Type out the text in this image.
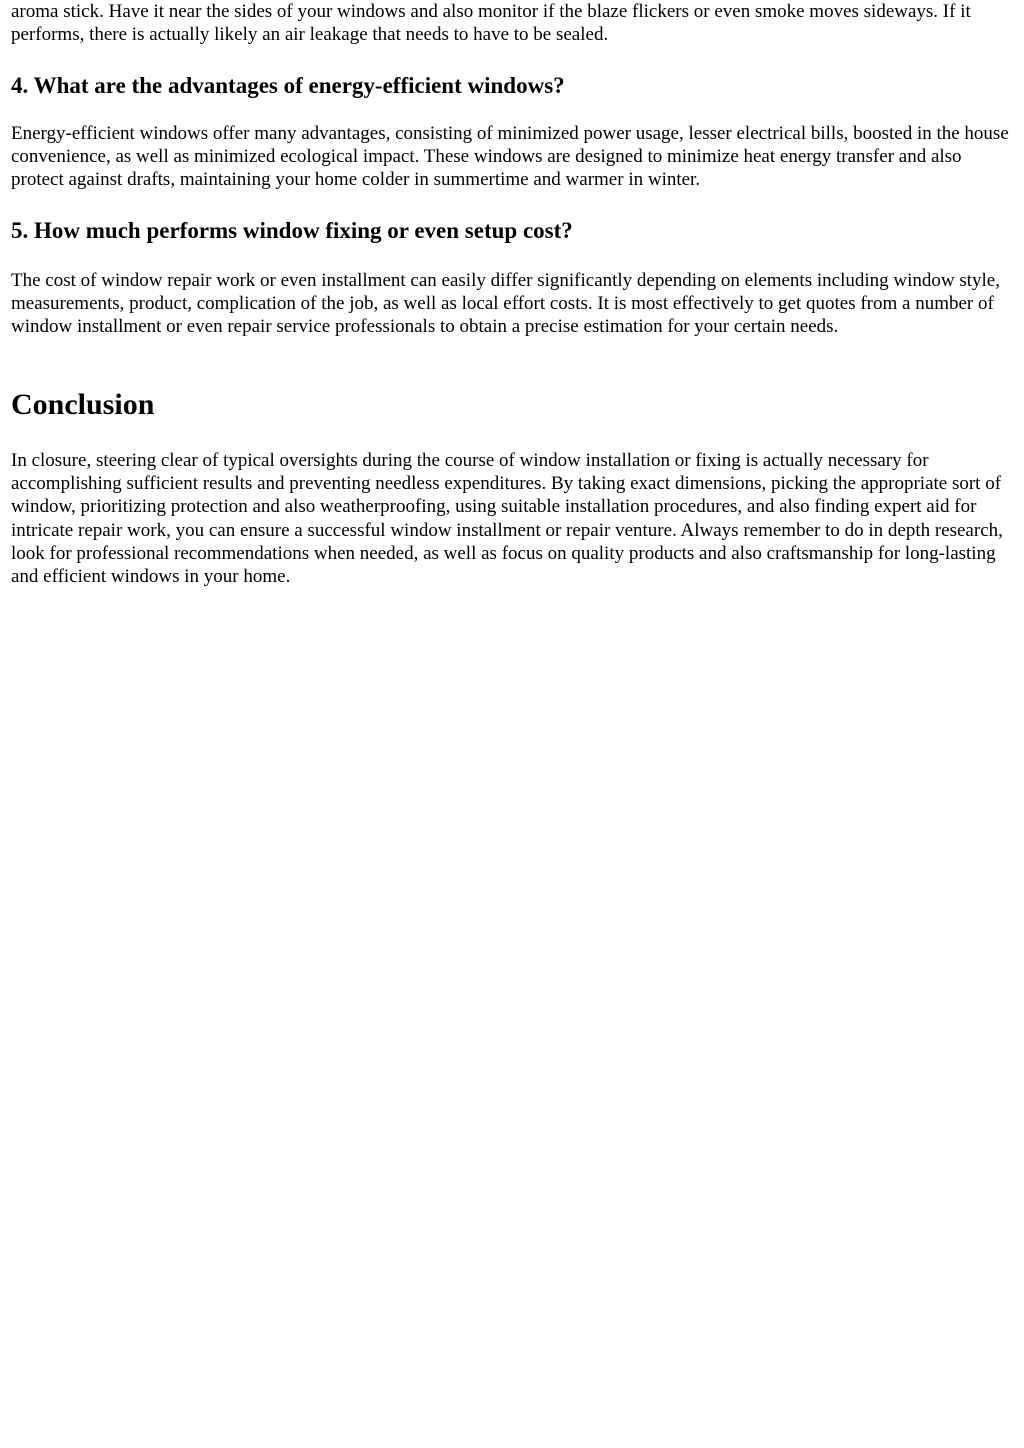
aroma stick. Have it near the sides of your windows and also monitor if the blaze flickers or even smoke moves sideways. If it performs, there is actually likely an air leakage that needs to have to be sealed.

4. What are the advantages of energy-efficient windows?

Energy-efficient windows offer many advantages, consisting of minimized power usage, lesser electrical bills, boosted in the house convenience, as well as minimized ecological impact. These windows are designed to minimize heat energy transfer and also protect against drafts, maintaining your home colder in summertime and warmer in winter.

5. How much performs window fixing or even setup cost?

The cost of window repair work or even installment can easily differ significantly depending on elements including window style, measurements, product, complication of the job, as well as local effort costs. It is most effectively to get quotes from a number of window installment or even repair service professionals to obtain a precise estimation for your certain needs.

Conclusion

In closure, steering clear of typical oversights during the course of window installation or fixing is actually necessary for accomplishing sufficient results and preventing needless expenditures. By taking exact dimensions, picking the appropriate sort of window, prioritizing protection and also weatherproofing, using suitable installation procedures, and also finding expert aid for intricate repair work, you can ensure a successful window installment or repair venture. Always remember to do in depth research, look for professional recommendations when needed, as well as focus on quality products and also craftsmanship for long-lasting and efficient windows in your home.
